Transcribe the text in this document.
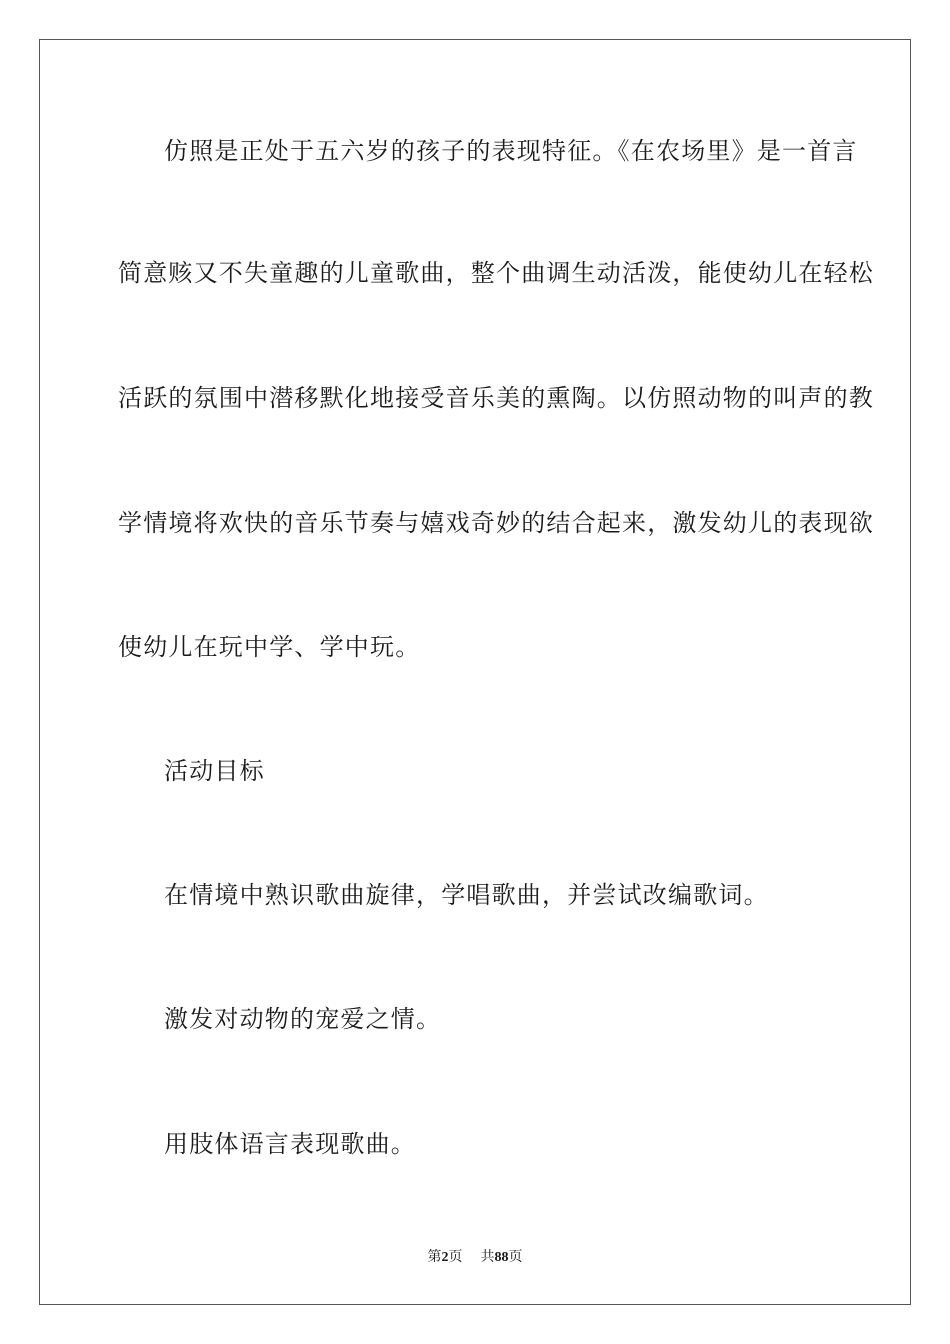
仿照是正处于五六岁的孩子的表现特征。《在农场里》是一首言
简意赅又不失童趣的儿童歌曲，整个曲调生动活泼，能使幼儿在轻松
活跃的氛围中潜移默化地接受音乐美的熏陶。以仿照动物的叫声的教
学情境将欢快的音乐节奏与嬉戏奇妙的结合起来，激发幼儿的表现欲
使幼儿在玩中学、学中玩。
活动目标
在情境中熟识歌曲旋律，学唱歌曲，并尝试改编歌词。
激发对动物的宠爱之情。
用肢体语言表现歌曲。
第2页 共88页
